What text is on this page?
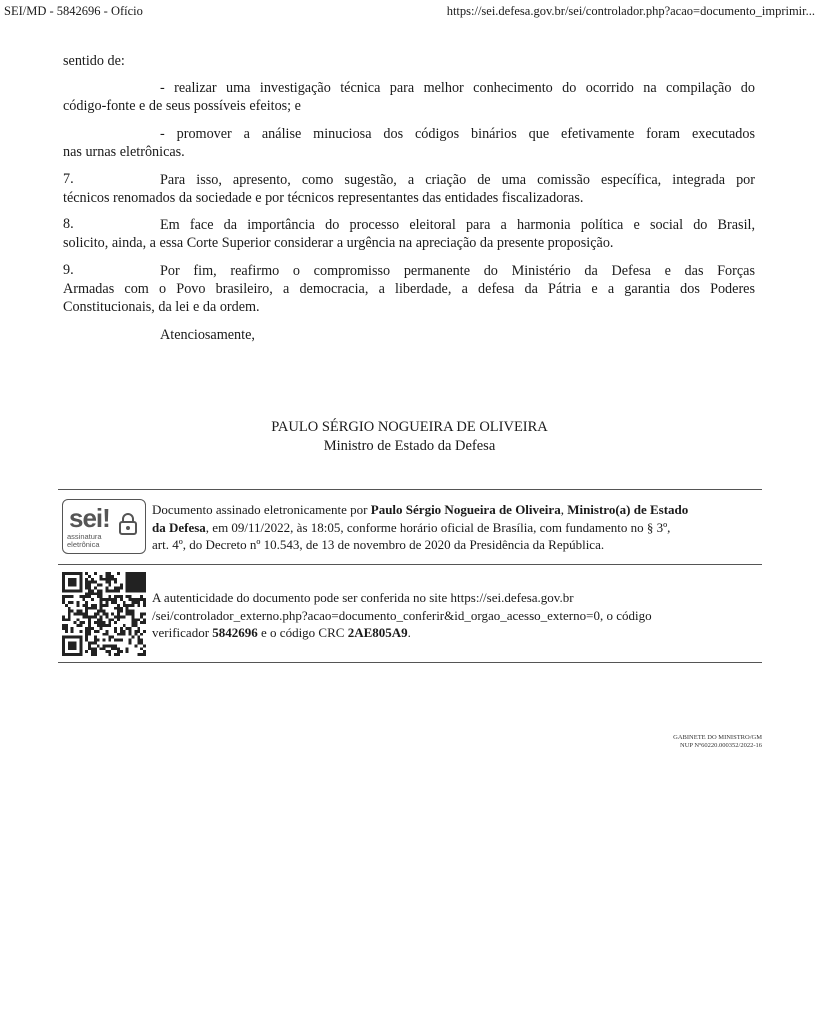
SEI/MD - 5842696 - Ofício	https://sei.defesa.gov.br/sei/controlador.php?acao=documento_imprimir...
sentido de:
- realizar uma investigação técnica para melhor conhecimento do ocorrido na compilação do
código-fonte e de seus possíveis efeitos; e
- promover a análise minuciosa dos códigos binários que efetivamente foram executados
nas urnas eletrônicas.
7.	Para isso, apresento, como sugestão, a criação de uma comissão específica, integrada por
técnicos renomados da sociedade e por técnicos representantes das entidades fiscalizadoras.
8.	Em face da importância do processo eleitoral para a harmonia política e social do Brasil,
solicito, ainda, a essa Corte Superior considerar a urgência na apreciação da presente proposição.
9.	Por fim, reafirmo o compromisso permanente do Ministério da Defesa e das Forças
Armadas com o Povo brasileiro, a democracia, a liberdade, a defesa da Pátria e a garantia dos Poderes
Constitucionais, da lei e da ordem.
Atenciosamente,
PAULO SÉRGIO NOGUEIRA DE OLIVEIRA
Ministro de Estado da Defesa
sei!
assinatura
eletrônica
Documento assinado eletronicamente por Paulo Sérgio Nogueira de Oliveira, Ministro(a) de Estado
da Defesa, em 09/11/2022, às 18:05, conforme horário oficial de Brasília, com fundamento no § 3º,
art. 4º, do Decreto nº 10.543, de 13 de novembro de 2020 da Presidência da República.
A autenticidade do documento pode ser conferida no site https://sei.defesa.gov.br
/sei/controlador_externo.php?acao=documento_conferir&id_orgao_acesso_externo=0, o código
verificador 5842696 e o código CRC 2AE805A9.
GABINETE DO MINISTRO/GM
NUP Nº60220.000352/2022-16
